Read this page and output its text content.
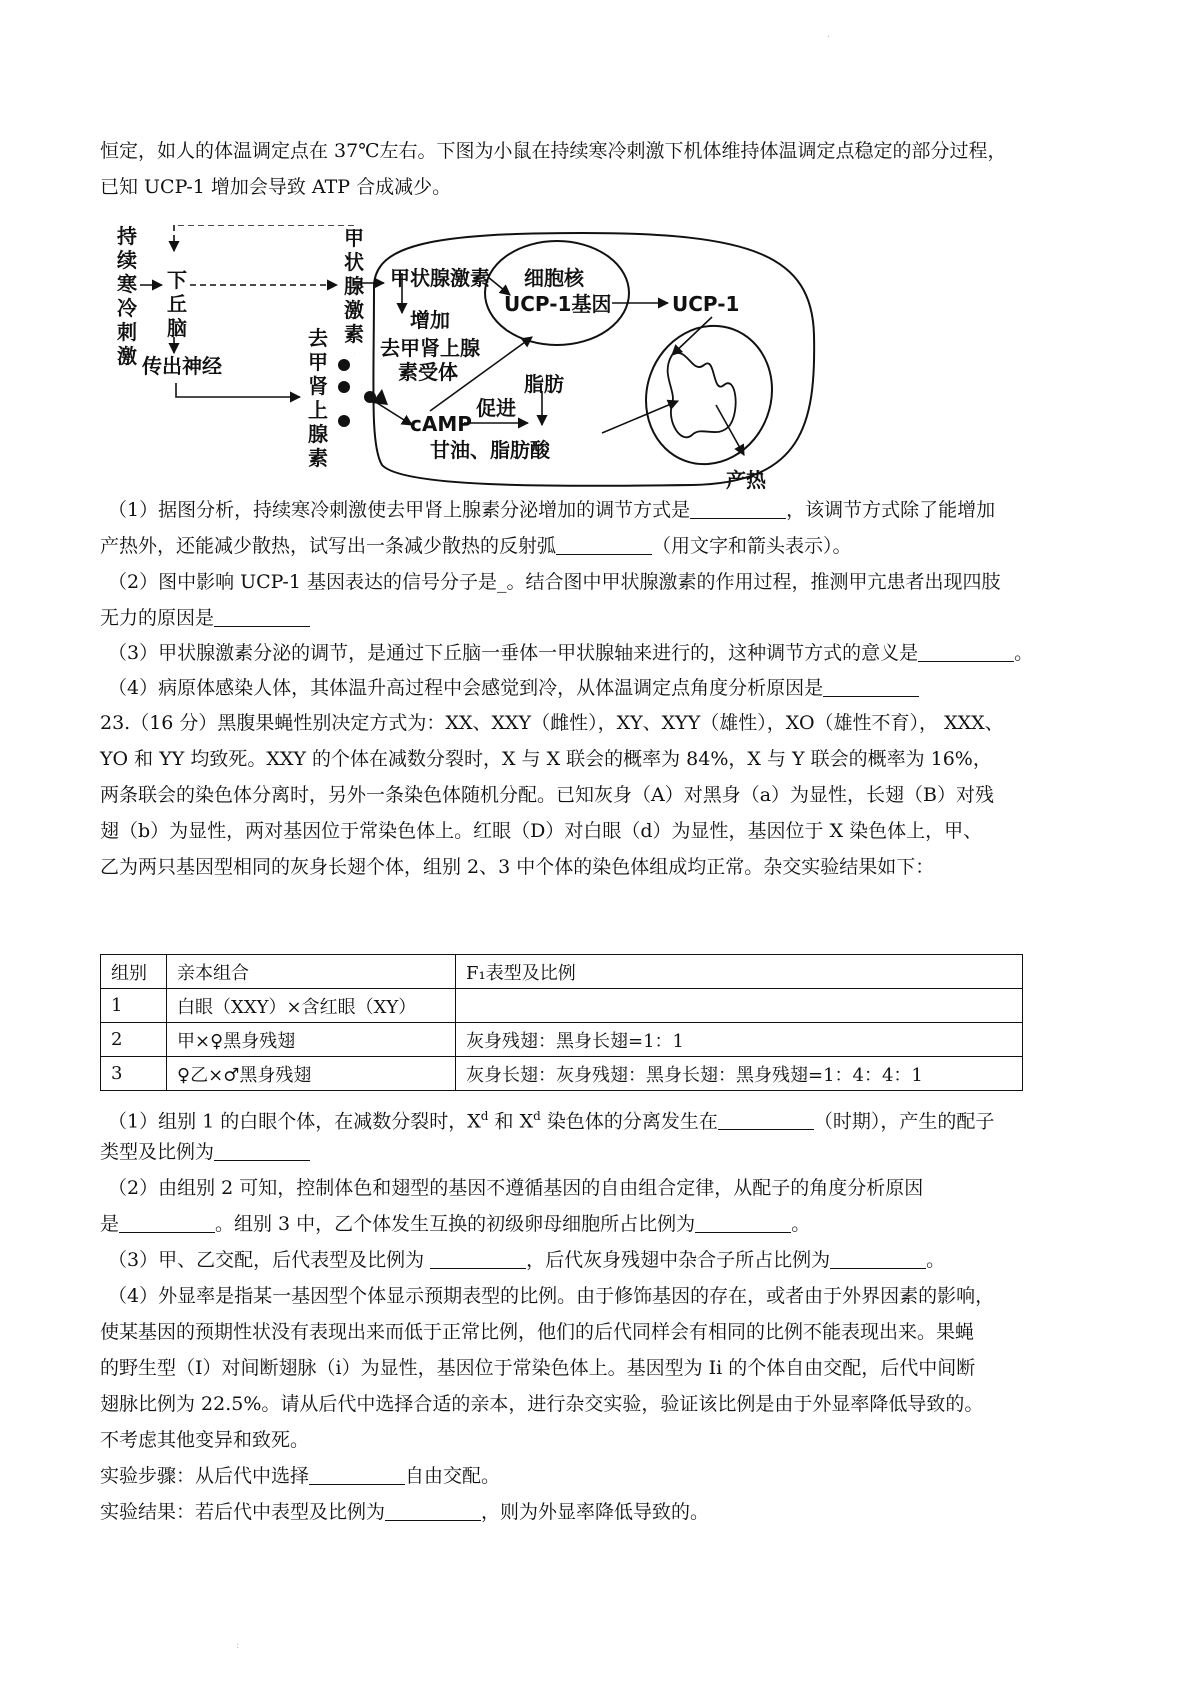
·
恒定，如人的体温调定点在 37℃左右。下图为小鼠在持续寒冷刺激下机体维持体温调定点稳定的部分过程，
已知 UCP-1 增加会导致 ATP 合成减少。
持
续
寒
冷
刺
激
下
丘
脑
传出神经
甲
状
腺
激
素
去
甲
肾
上
腺
素
甲状腺激素
增加
去甲肾上腺
素受体
细胞核
UCP-1基因	UCP-1
脂肪
促进
cAMP
甘油、脂肪酸
产热
（1）据图分析，持续寒冷刺激使去甲肾上腺素分泌增加的调节方式是	，该调节方式除了能增加
产热外，还能减少散热，试写出一条减少散热的反射弧	（用文字和箭头表示）。
（2）图中影响 UCP-1 基因表达的信号分子是_。结合图中甲状腺激素的作用过程，推测甲亢患者出现四肢
无力的原因是
（3）甲状腺激素分泌的调节，是通过下丘脑一垂体一甲状腺轴来进行的，这种调节方式的意义是	。
（4）病原体感染人体，其体温升高过程中会感觉到冷，从体温调定点角度分析原因是
23.（16 分）黑腹果蝇性别决定方式为：XX、XXY（雌性），XY、XYY（雄性），XO（雄性不育）， XXX、
YO 和 YY 均致死。XXY 的个体在减数分裂时，X 与 X 联会的概率为 84%，X 与 Y 联会的概率为 16%，
两条联会的染色体分离时，另外一条染色体随机分配。已知灰身（A）对黑身（a）为显性，长翅（B）对残
翅（b）为显性，两对基因位于常染色体上。红眼（D）对白眼（d）为显性，基因位于 X 染色体上，甲、
乙为两只基因型相同的灰身长翅个体，组别 2、3 中个体的染色体组成均正常。杂交实验结果如下：
组别	亲本组合	F₁表型及比例
1	白眼（XXY）×含红眼（XY）	
2	甲×♀黑身残翅	灰身残翅：黑身长翅=1：1
3	♀乙×♂黑身残翅	灰身长翅：灰身残翅：黑身长翅：黑身残翅=1：4：4：1
（1）组别 1 的白眼个体，在减数分裂时，$X^d$ 和 $X^d$ 染色体的分离发生在	（时期），产生的配子
类型及比例为
（2）由组别 2 可知，控制体色和翅型的基因不遵循基因的自由组合定律，从配子的角度分析原因
是	。组别 3 中，乙个体发生互换的初级卵母细胞所占比例为	。
（3）甲、乙交配，后代表型及比例为	，后代灰身残翅中杂合子所占比例为	。
（4）外显率是指某一基因型个体显示预期表型的比例。由于修饰基因的存在，或者由于外界因素的影响，
使某基因的预期性状没有表现出来而低于正常比例，他们的后代同样会有相同的比例不能表现出来。果蝇
的野生型（I）对间断翅脉（i）为显性，基因位于常染色体上。基因型为 Ii 的个体自由交配，后代中间断
翅脉比例为 22.5%。请从后代中选择合适的亲本，进行杂交实验，验证该比例是由于外显率降低导致的。
不考虑其他变异和致死。
实验步骤：从后代中选择	自由交配。
实验结果：若后代中表型及比例为	，则为外显率降低导致的。
:
